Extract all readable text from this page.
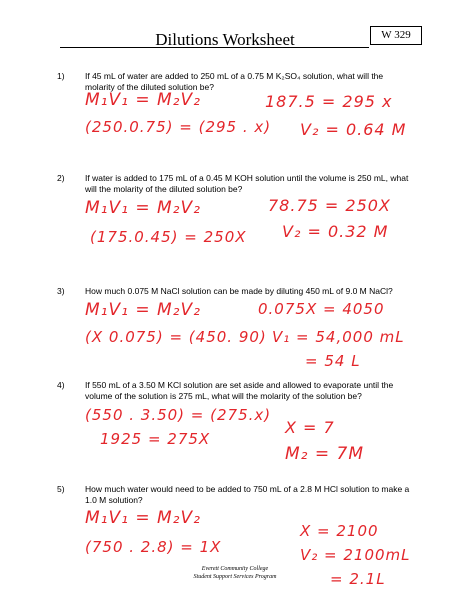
Dilutions Worksheet	W 329
1) If 45 mL of water are added to 250 mL of a 0.75 M K₂SO₄ solution, what will the molarity of the diluted solution be?
M₁V₁ = M₂V₂
(250.0.75) = (295 . x)
187.5 = 295 x
V₂ = 0.64 M
2) If water is added to 175 mL of a 0.45 M KOH solution until the volume is 250 mL, what will the molarity of the diluted solution be?
M₁V₁ = M₂V₂
(175.0.45) = 250X
78.75 = 250X
V₂ = 0.32 M
3) How much 0.075 M NaCl solution can be made by diluting 450 mL of 9.0 M NaCl?
M₁V₁ = M₂V₂
(X 0.075) = (450. 90)
0.075X = 4050
V₁ = 54,000 mL
= 54 L
4) If 550 mL of a 3.50 M KCl solution are set aside and allowed to evaporate until the volume of the solution is 275 mL, what will the molarity of the solution be?
(550 . 3.50) = (275.x)
1925 = 275X
X = 7
M₂ = 7M
5) How much water would need to be added to 750 mL of a 2.8 M HCl solution to make a 1.0 M solution?
M₁V₁ = M₂V₂
(750 . 2.8) = 1X
X = 2100
V₂ = 2100mL
= 2.1L
Everett Community College
Student Support Services Program
